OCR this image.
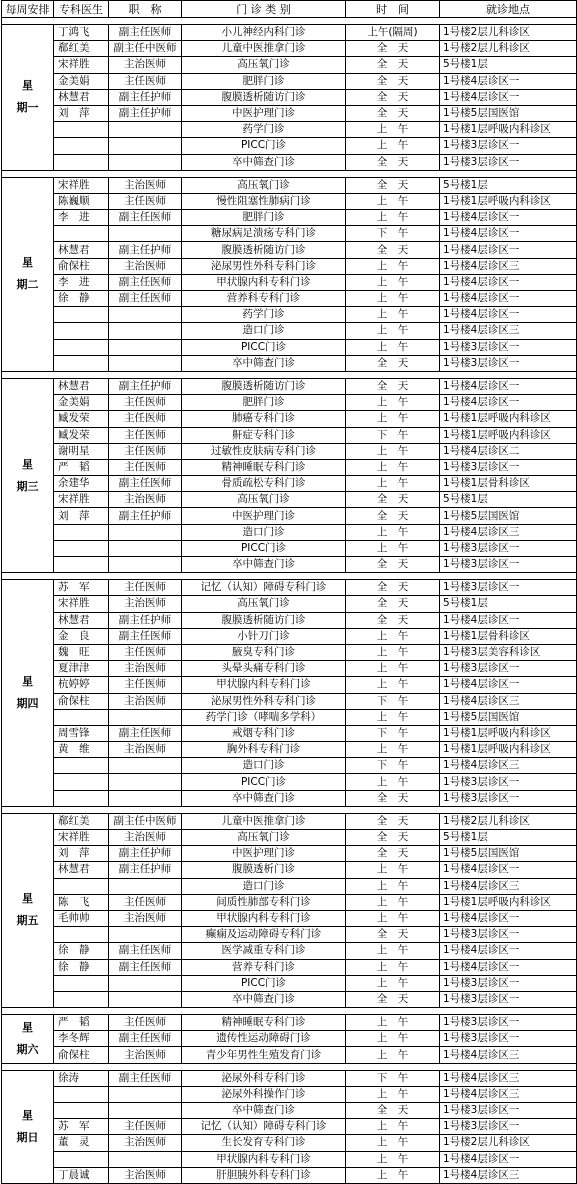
每周安排	专科医生	职　称	门 诊 类 别	时　间	就诊地点

星
期一	丁鸿飞	副主任医师	小儿神经内科门诊	上午(隔周)	1号楼2层儿科诊区
	郗红美	副主任中医师	儿童中医推拿门诊	全　天	1号楼2层儿科诊区
	宋祥胜	主治医师	高压氧门诊	全　天	5号楼1层
	金美娟	主任医师	肥胖门诊	全　天	1号楼4层诊区一
	林慧君	副主任护师	腹膜透析随访门诊	全　天	1号楼4层诊区一
	刘　萍	副主任护师	中医护理门诊	全　天	1号楼5层国医馆
			药学门诊	上　午	1号楼1层呼吸内科诊区
			PICC门诊	上　午	1号楼3层诊区一
			卒中筛查门诊	全　天	1号楼3层诊区一

星
期二	宋祥胜	主治医师	高压氧门诊	全　天	5号楼1层
	陈巍顺	主任医师	慢性阻塞性肺病门诊	上　午	1号楼1层呼吸内科诊区
	李　进	副主任医师	肥胖门诊	上　午	1号楼4层诊区一
			糖尿病足溃疡专科门诊	下　午	1号楼4层诊区一
	林慧君	副主任护师	腹膜透析随访门诊	全　天	1号楼4层诊区一
	俞保柱	主治医师	泌尿男性外科专科门诊	上　午	1号楼4层诊区三
	李　进	副主任医师	甲状腺内科专科门诊	上　午	1号楼4层诊区一
	徐　静	副主任医师	营养科专科门诊	上　午	1号楼4层诊区一
			药学门诊	上　午	1号楼4层诊区一
			造口门诊	上　午	1号楼4层诊区三
			PICC门诊	上　午	1号楼3层诊区一
			卒中筛查门诊	全　天	1号楼3层诊区一

星
期三	林慧君	副主任护师	腹膜透析随访门诊	全　天	1号楼4层诊区一
	金美娟	主任医师	肥胖门诊	上　午	1号楼4层诊区一
	臧发荣	主任医师	肺癌专科门诊	上　午	1号楼1层呼吸内科诊区
	臧发荣	主任医师	鼾症专科门诊	下　午	1号楼1层呼吸内科诊区
	谢明星	主任医师	过敏性皮肤病专科门诊	上　午	1号楼4层诊区二
	严　韬	主任医师	精神睡眠专科门诊	上　午	1号楼3层诊区一
	余建华	副主任医师	骨质疏松专科门诊	上　午	1号楼1层骨科诊区
	宋祥胜	主治医师	高压氧门诊	全　天	5号楼1层
	刘　萍	副主任护师	中医护理门诊	全　天	1号楼5层国医馆
			造口门诊	上　午	1号楼4层诊区三
			PICC门诊	上　午	1号楼3层诊区一
			卒中筛查门诊	全　天	1号楼3层诊区一

星
期四	苏　军	主任医师	记忆（认知）障碍专科门诊	全　天	1号楼3层诊区一
	宋祥胜	主治医师	高压氧门诊	全　天	5号楼1层
	林慧君	副主任护师	腹膜透析随访门诊	全　天	1号楼4层诊区一
	金　良	副主任医师	小针刀门诊	上　午	1号楼1层骨科诊区
	魏　旺	主任医师	腋臭专科门诊	上　午	1号楼3层美容科诊区
	夏津津	主治医师	头晕头痛专科门诊	上　午	1号楼3层诊区一
	杭婷婷	主任医师	甲状腺内科专科门诊	上　午	1号楼4层诊区一
	俞保柱	主治医师	泌尿男性外科专科门诊	下　午	1号楼4层诊区三
			药学门诊（哮喘多学科）	上　午	1号楼5层国医馆
	周雪锋	副主任医师	戒烟专科门诊	下　午	1号楼1层呼吸内科诊区
	黄　维	主治医师	胸外科专科门诊	上　午	1号楼1层呼吸内科诊区
			造口门诊	下　午	1号楼4层诊区三
			PICC门诊	上　午	1号楼3层诊区一
			卒中筛查门诊	全　天	1号楼3层诊区一

星
期五	郗红美	副主任中医师	儿童中医推拿门诊	全　天	1号楼2层儿科诊区
	宋祥胜	主治医师	高压氧门诊	全　天	5号楼1层
	刘　萍	副主任护师	中医护理门诊	全　天	1号楼5层国医馆
	林慧君	副主任护师	腹膜透析门诊	上　午	1号楼4层诊区一
			造口门诊	上　午	1号楼4层诊区三
	陈　飞	主任医师	间质性肺部专科门诊	上　午	1号楼1层呼吸内科诊区
	毛帅帅	主治医师	甲状腺内科专科门诊	上　午	1号楼4层诊区一
			癫痫及运动障碍专科门诊	全　天	1号楼3层诊区一
	徐　静	副主任医师	医学减重专科门诊	上　午	1号楼4层诊区一
	徐　静	副主任医师	营养专科门诊	上　午	1号楼4层诊区一
			PICC门诊	上　午	1号楼3层诊区一
			卒中筛查门诊	全　天	1号楼3层诊区一

星
期六	严　韬	主任医师	精神睡眠专科门诊	上　午	1号楼3层诊区一
	李冬辉	副主任医师	遗传性运动障碍门诊	上　午	1号楼3层诊区一
	俞保柱	主治医师	青少年男性生殖发育门诊	上　午	1号楼4层诊区三

星
期日	徐涛	副主任医师	泌尿外科专科门诊	下　午	1号楼4层诊区三
			泌尿外科操作门诊	上　午	1号楼4层诊区三
			卒中筛查门诊	全　天	1号楼3层诊区一
	苏　军	主任医师	记忆（认知）障碍专科门诊	上　午	1号楼3层诊区一
	董　灵	主治医师	生长发育专科门诊	上　午	1号楼2层儿科诊区
			甲状腺内科专科门诊	上　午	1号楼4层诊区一
	丁晨诚	主治医师	肝胆胰外科专科门诊	上　午	1号楼4层诊区三
